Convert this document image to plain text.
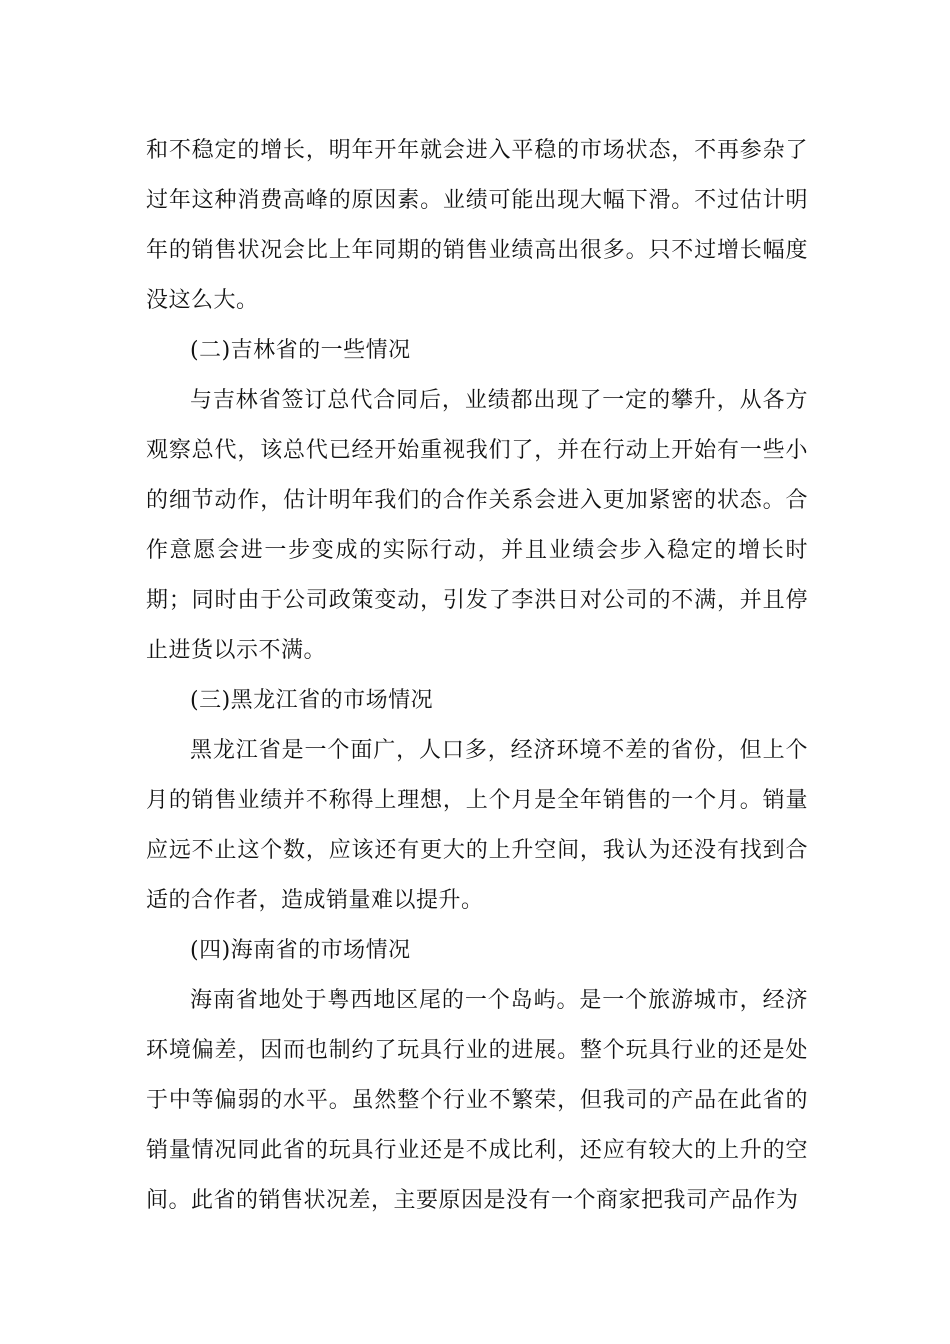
和不稳定的增长，明年开年就会进入平稳的市场状态，不再参杂了过年这种消费高峰的原因素。业绩可能出现大幅下滑。不过估计明年的销售状况会比上年同期的销售业绩高出很多。只不过增长幅度没这么大。

(二)吉林省的一些情况

与吉林省签订总代合同后，业绩都出现了一定的攀升，从各方观察总代，该总代已经开始重视我们了，并在行动上开始有一些小的细节动作，估计明年我们的合作关系会进入更加紧密的状态。合作意愿会进一步变成的实际行动，并且业绩会步入稳定的增长时期；同时由于公司政策变动，引发了李洪日对公司的不满，并且停止进货以示不满。

(三)黑龙江省的市场情况

黑龙江省是一个面广，人口多，经济环境不差的省份，但上个月的销售业绩并不称得上理想，上个月是全年销售的一个月。销量应远不止这个数，应该还有更大的上升空间，我认为还没有找到合适的合作者，造成销量难以提升。

(四)海南省的市场情况

海南省地处于粤西地区尾的一个岛屿。是一个旅游城市，经济环境偏差，因而也制约了玩具行业的进展。整个玩具行业的还是处于中等偏弱的水平。虽然整个行业不繁荣，但我司的产品在此省的销量情况同此省的玩具行业还是不成比利，还应有较大的上升的空间。此省的销售状况差，主要原因是没有一个商家把我司产品作为
